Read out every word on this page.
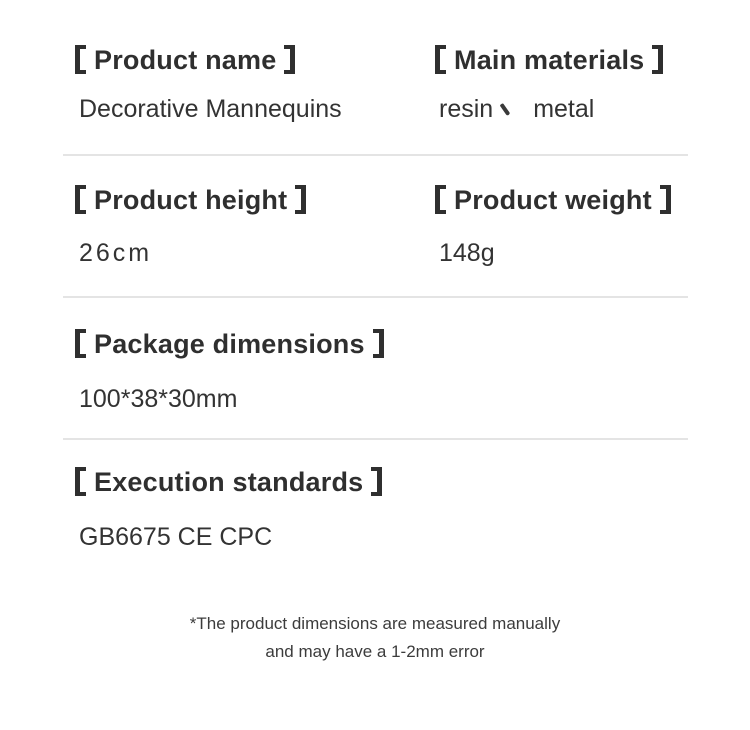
Product name

Decorative Mannequins

Main materials

resin metal

Product height

26cm

Product weight

148g

Package dimensions

100*38*30mm

Execution standards

GB6675 CE CPC

*The product dimensions are measured manually
and may have a 1-2mm error
